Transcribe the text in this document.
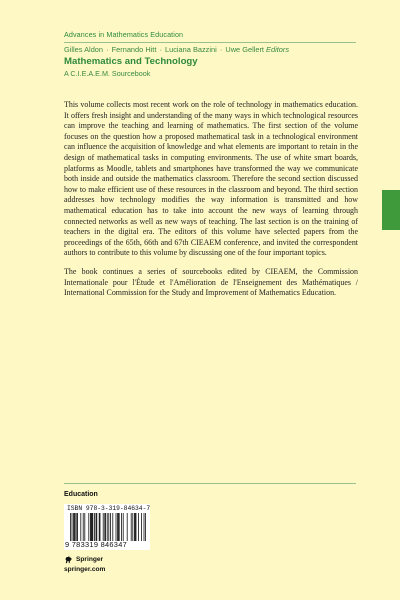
Advances in Mathematics Education
Gilles Aldon · Fernando Hitt · Luciana Bazzini · Uwe Gellert Editors
Mathematics and Technology
A C.I.E.A.E.M. Sourcebook

This volume collects most recent work on the role of technology in mathematics education. It offers fresh insight and understanding of the many ways in which technological resources can improve the teaching and learning of mathematics. The first section of the volume focuses on the question how a proposed mathematical task in a technological environment can influence the acquisition of knowledge and what elements are important to retain in the design of mathematical tasks in computing environments. The use of white smart boards, platforms as Moodle, tablets and smartphones have transformed the way we communicate both inside and outside the mathematics classroom. Therefore the second section discussed how to make efficient use of these resources in the classroom and beyond. The third section addresses how technology modifies the way information is transmitted and how mathematical education has to take into account the new ways of learning through connected networks as well as new ways of teaching. The last section is on the training of teachers in the digital era. The editors of this volume have selected papers from the proceedings of the 65th, 66th and 67th CIEAEM conference, and invited the correspondent authors to contribute to this volume by discussing one of the four important topics.

The book continues a series of sourcebooks edited by CIEAEM, the Commission Internationale pour l'Étude et l'Amélioration de l'Enseignement des Mathématiques / International Commission for the Study and Improvement of Mathematics Education.

Education
ISBN 978-3-319-84634-7
9 783319 846347
Springer
springer.com
